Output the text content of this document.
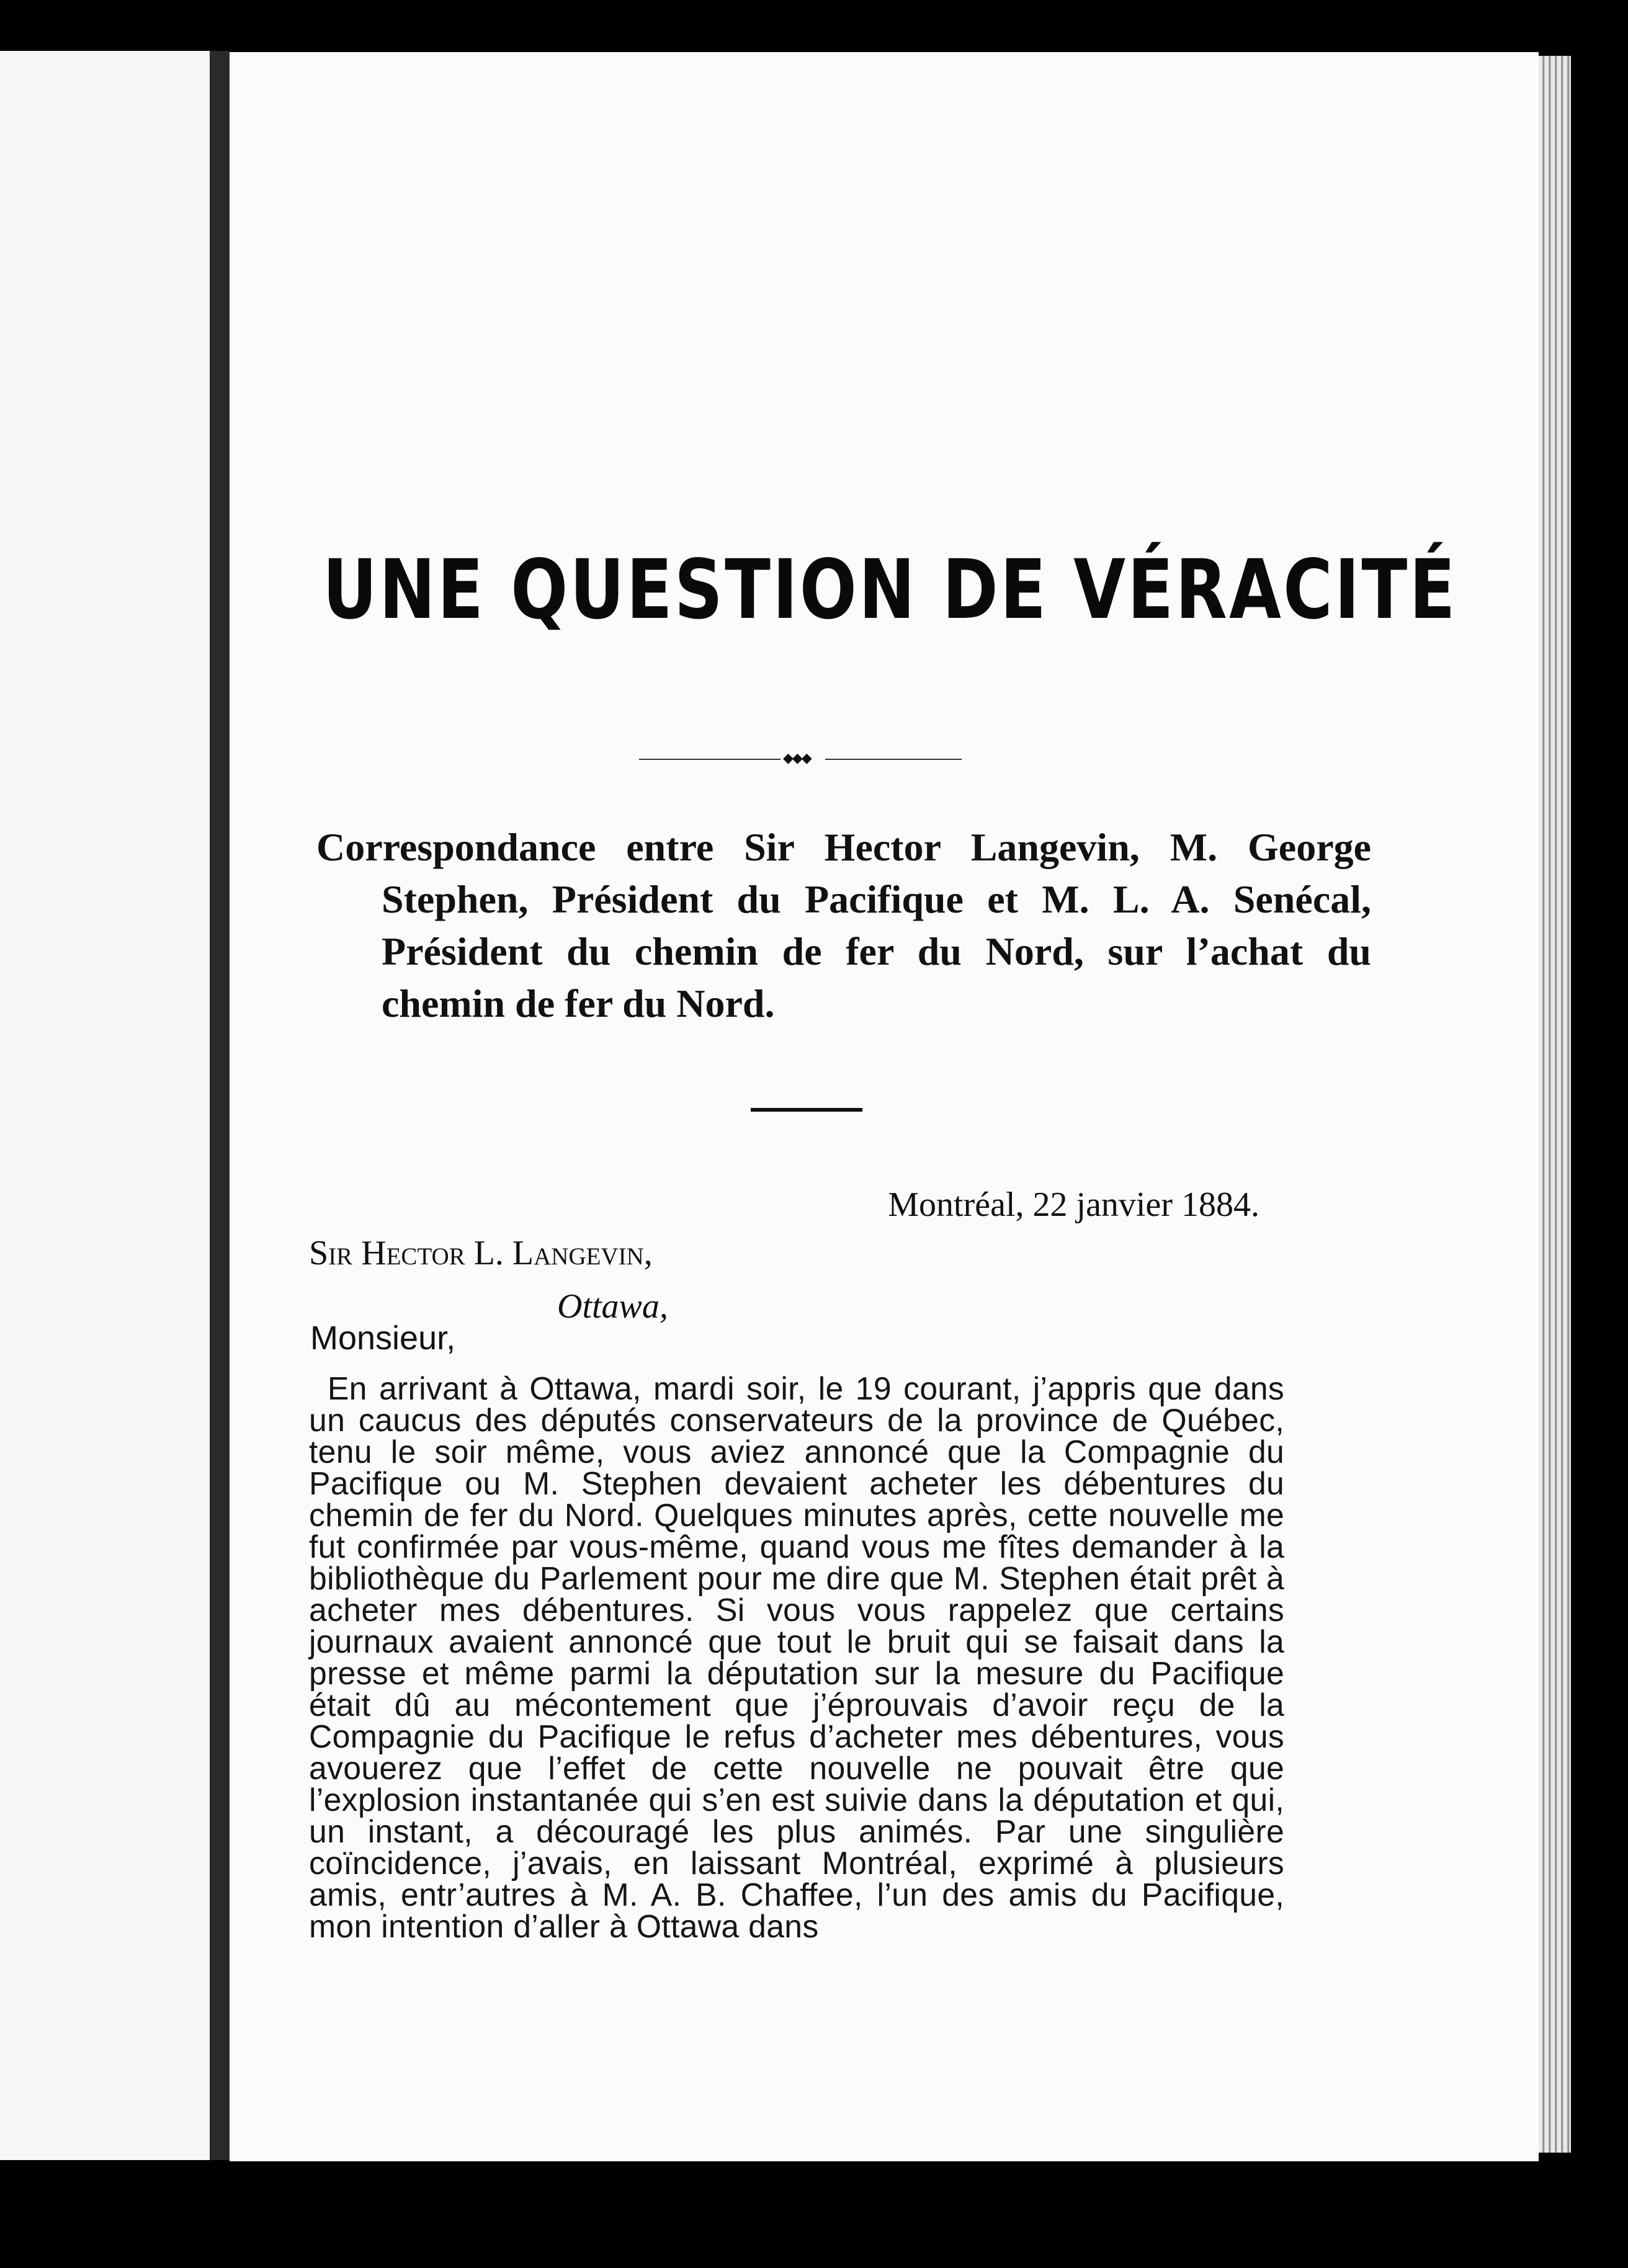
UNE QUESTION DE VÉRACITÉ
◆◆◆

Correspondance entre Sir Hector Langevin, M. George Stephen, Président du Pacifique et M. L. A. Senécal, Président du chemin de fer du Nord, sur l’achat du chemin de fer du Nord.

Montréal, 22 janvier 1884.
Sir Hector L. Langevin,
Ottawa,
Monsieur,

En arrivant à Ottawa, mardi soir, le 19 courant, j’appris que dans un caucus des députés conservateurs de la province de Québec, tenu le soir même, vous aviez annoncé que la Compagnie du Pacifique ou M. Stephen devaient acheter les débentures du chemin de fer du Nord. Quelques minutes après, cette nouvelle me fut confirmée par vous-même, quand vous me fîtes demander à la bibliothèque du Parlement pour me dire que M. Stephen était prêt à acheter mes débentures. Si vous vous rappelez que certains journaux avaient annoncé que tout le bruit qui se faisait dans la presse et même parmi la députation sur la mesure du Pacifique était dû au mécontement que j’éprouvais d’avoir reçu de la Compagnie du Pacifique le refus d’acheter mes débentures, vous avouerez que l’effet de cette nouvelle ne pouvait être que l’explosion instantanée qui s’en est suivie dans la députation et qui, un instant, a découragé les plus animés. Par une singulière coïncidence, j’avais, en laissant Montréal, exprimé à plusieurs amis, entr’autres à M. A. B. Chaffee, l’un des amis du Pacifique, mon intention d’aller à Ottawa dans
